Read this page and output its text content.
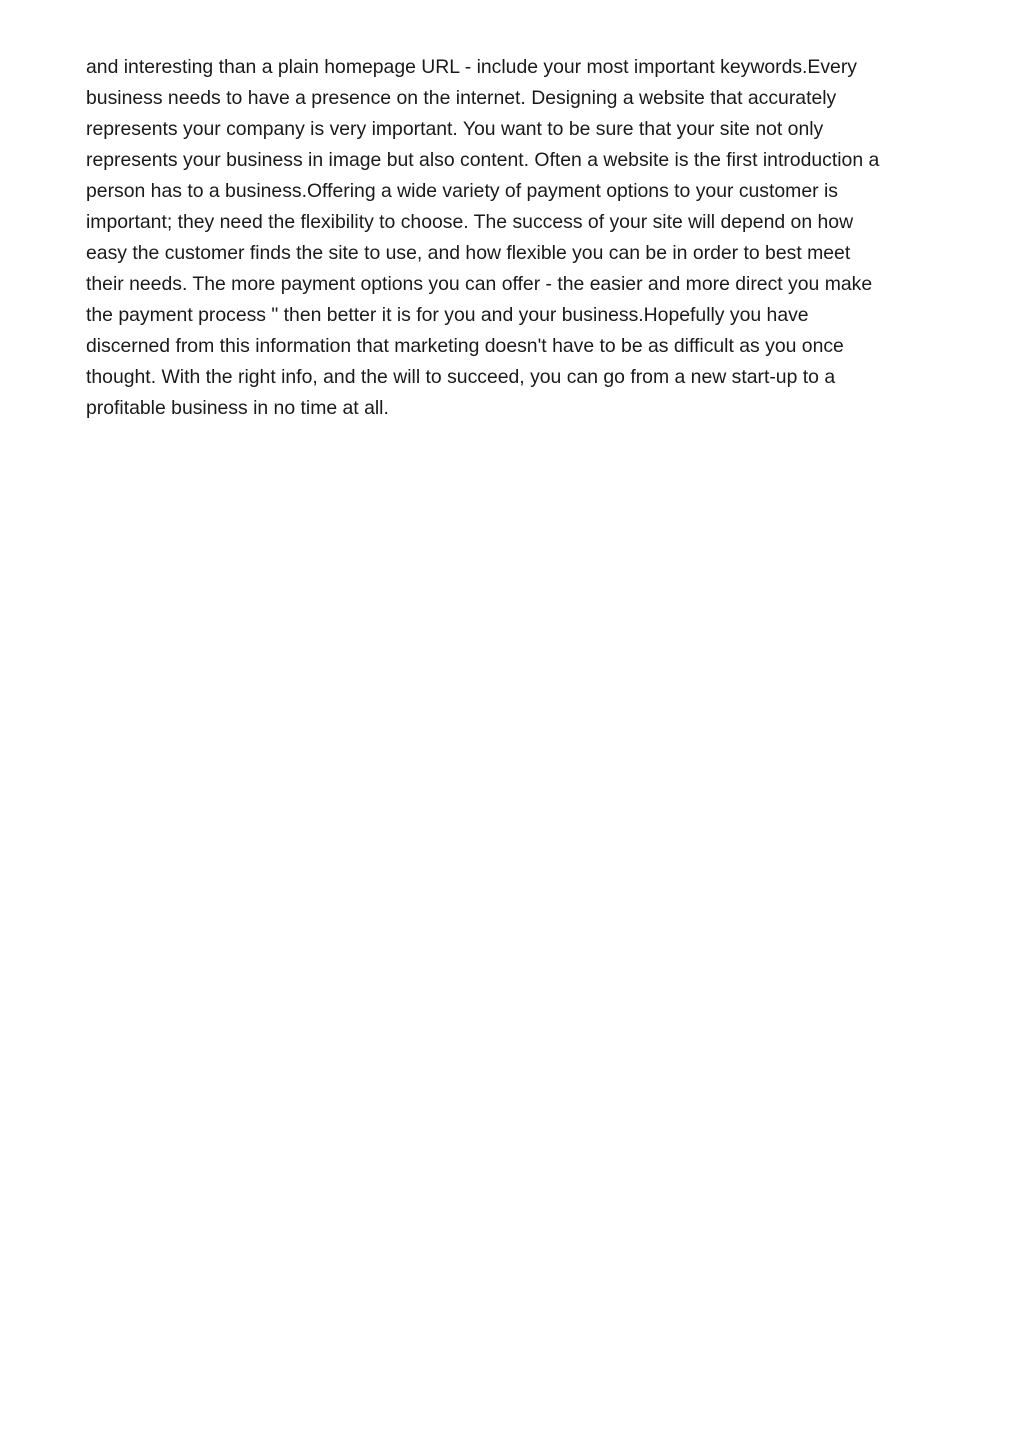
and interesting than a plain homepage URL - include your most important keywords.Every
business needs to have a presence on the internet. Designing a website that accurately
represents your company is very important. You want to be sure that your site not only
represents your business in image but also content. Often a website is the first introduction a
person has to a business.Offering a wide variety of payment options to your customer is
important; they need the flexibility to choose. The success of your site will depend on how
easy the customer finds the site to use, and how flexible you can be in order to best meet
their needs. The more payment options you can offer - the easier and more direct you make
the payment process " then better it is for you and your business.Hopefully you have
discerned from this information that marketing doesn't have to be as difficult as you once
thought. With the right info, and the will to succeed, you can go from a new start-up to a
profitable business in no time at all.
